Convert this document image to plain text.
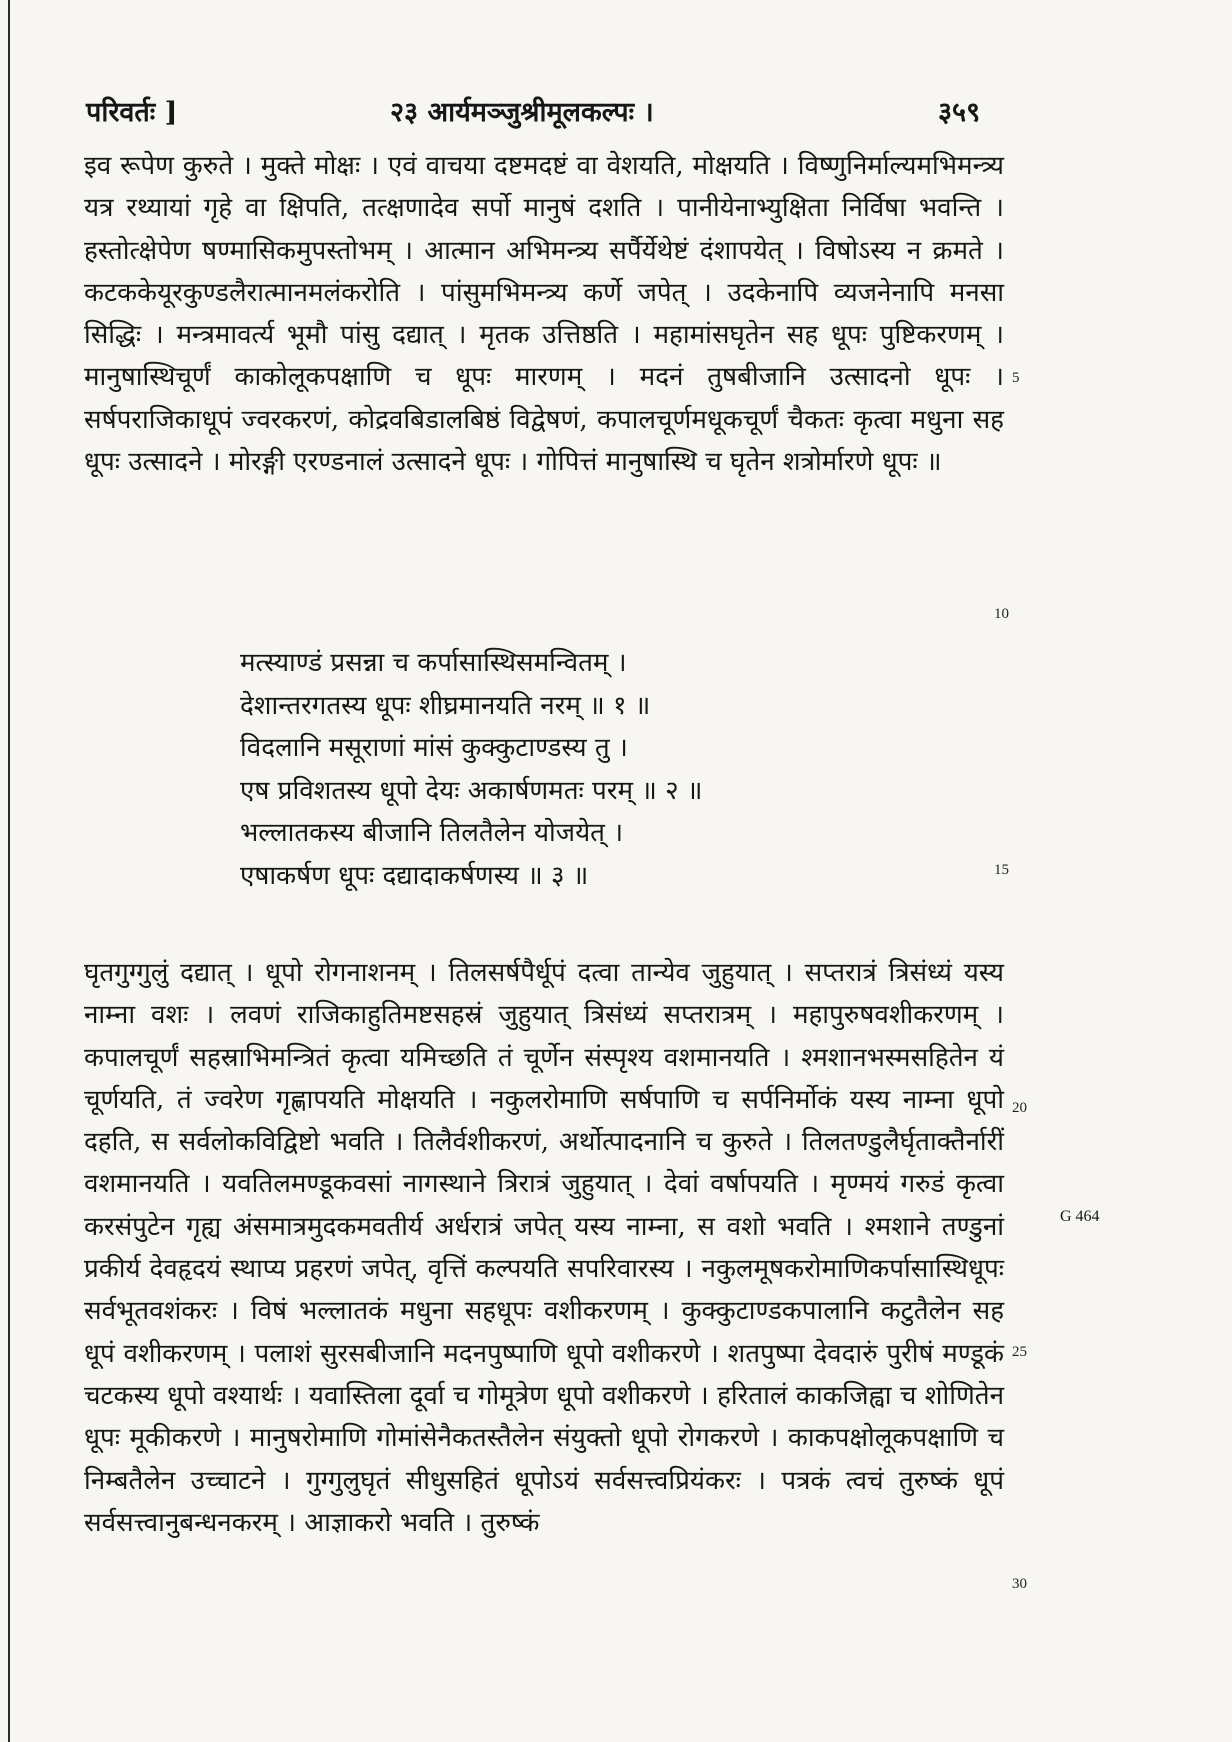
परिवर्तः ]	२३ आर्यमञ्जुश्रीमूलकल्पः ।	३५९

इव रूपेण कुरुते । मुक्ते मोक्षः । एवं वाचया दष्टमदष्टं वा वेशयति, मोक्षयति । विष्णुनिर्माल्यमभिमन्त्र्य यत्र रथ्यायां गृहे वा क्षिपति, तत्क्षणादेव सर्पो मानुषं दशति । पानीयेनाभ्युक्षिता निर्विषा भवन्ति । हस्तोत्क्षेपेण षण्मासिकमुपस्तोभम् । आत्मान अभिमन्त्र्य सर्पैर्येथेष्टं दंशापयेत् । विषोऽस्य न क्रमते । कटककेयूरकुण्डलैरात्मानमलंकरोति । पांसुमभिमन्त्र्य कर्णे जपेत् । उदकेनापि व्यजनेनापि मनसा सिद्धिः । मन्त्रमावर्त्य भूमौ पांसु दद्यात् । मृतक उत्तिष्ठति । महामांसघृतेन सह धूपः पुष्टिकरणम् । मानुषास्थिचूर्णं काकोलूकपक्षाणि च धूपः मारणम् । मदनं तुषबीजानि उत्सादनो धूपः । सर्षपराजिकाधूपं ज्वरकरणं, कोद्रवबिडालबिष्ठं विद्वेषणं, कपालचूर्णमधूकचूर्णं चैकतः कृत्वा मधुना सह धूपः उत्सादने । मोरङ्गी एरण्डनालं उत्सादने धूपः । गोपित्तं मानुषास्थि च घृतेन शत्रोर्मारणे धूपः ॥

मत्स्याण्डं प्रसन्ना च कर्पासास्थिसमन्वितम् ।
देशान्तरगतस्य धूपः शीघ्रमानयति नरम् ॥ १ ॥
विदलानि मसूराणां मांसं कुक्कुटाण्डस्य तु ।
एष प्रविशतस्य धूपो देयः अकार्षणमतः परम् ॥ २ ॥
भल्लातकस्य बीजानि तिलतैलेन योजयेत् ।
एषाकर्षण धूपः दद्यादाकर्षणस्य ॥ ३ ॥

घृतगुग्गुलुं दद्यात् । धूपो रोगनाशनम् । तिलसर्षपैर्धूपं दत्वा तान्येव जुहुयात् । सप्तरात्रं त्रिसंध्यं यस्य नाम्ना वशः । लवणं राजिकाहुतिमष्टसहस्रं जुहुयात् त्रिसंध्यं सप्तरात्रम् । महापुरुषवशीकरणम् । कपालचूर्णं सहस्राभिमन्त्रितं कृत्वा यमिच्छति तं चूर्णेन संस्पृश्य वशमानयति । श्मशानभस्मसहितेन यं चूर्णयति, तं ज्वरेण गृह्णापयति मोक्षयति । नकुलरोमाणि सर्षपाणि च सर्पनिर्मोकं यस्य नाम्ना धूपो दहति, स सर्वलोकविद्विष्टो भवति । तिलैर्वशीकरणं, अर्थोत्पादनानि च कुरुते । तिलतण्डुलैर्घृताक्तैर्नारीं वशमानयति । यवतिलमण्डूकवसां नागस्थाने त्रिरात्रं जुहुयात् । देवां वर्षापयति । मृण्मयं गरुडं कृत्वा करसंपुटेन गृह्य अंसमात्रमुदकमवतीर्य अर्धरात्रं जपेत् यस्य नाम्ना, स वशो भवति । श्मशाने तण्डुनां प्रकीर्य देवहृदयं स्थाप्य प्रहरणं जपेत्, वृत्तिं कल्पयति सपरिवारस्य । नकुलमूषकरोमाणिकर्पासास्थिधूपः सर्वभूतवशंकरः । विषं भल्लातकं मधुना सहधूपः वशीकरणम् । कुक्कुटाण्डकपालानि कटुतैलेन सह धूपं वशीकरणम् । पलाशं सुरसबीजानि मदनपुष्पाणि धूपो वशीकरणे । शतपुष्पा देवदारुं पुरीषं मण्डूकं चटकस्य धूपो वश्यार्थः । यवास्तिला दूर्वा च गोमूत्रेण धूपो वशीकरणे । हरितालं काकजिह्वा च शोणितेन धूपः मूकीकरणे । मानुषरोमाणि गोमांसेनैकतस्तैलेन संयुक्तो धूपो रोगकरणे । काकपक्षोलूकपक्षाणि च निम्बतैलेन उच्चाटने । गुग्गुलुघृतं सीधुसहितं धूपोऽयं सर्वसत्त्वप्रियंकरः । पत्रकं त्वचं तुरुष्कं धूपं सर्वसत्त्वानुबन्धनकरम् । आज्ञाकरो भवति । तुरुष्कं

5
10
15
20
25
30
G 464
